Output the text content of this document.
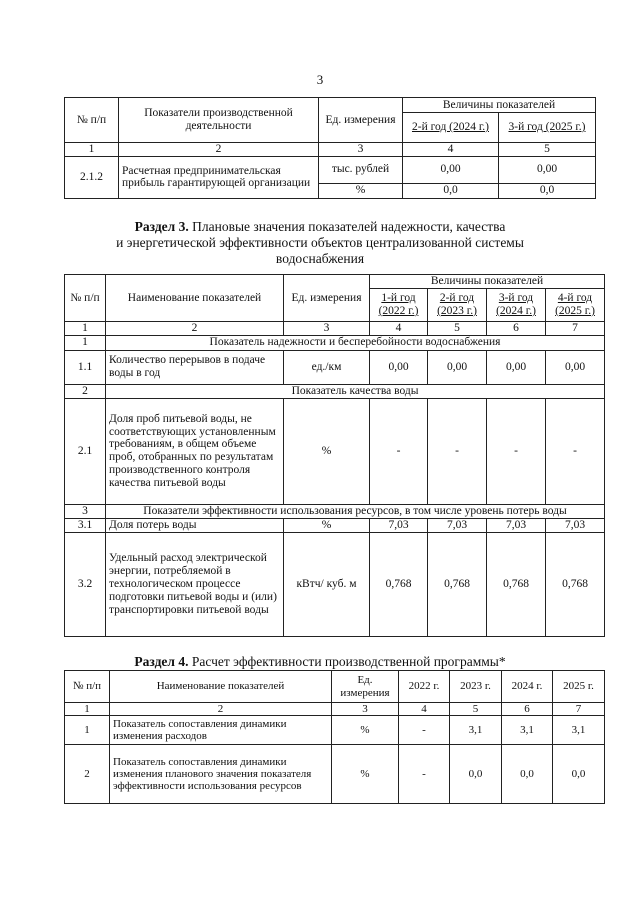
3
№ п/п	Показатели производственной деятельности	Ед. измерения	Величины показателей	
			2-й год (2024 г.)	3-й год (2025 г.)
1	2	3	4	5
2.1.2	Расчетная предпринимательская прибыль гарантирующей организации	тыс. рублей	0,00	0,00
		%	0,0	0,0
Раздел 3. Плановые значения показателей надежности, качества
и энергетической эффективности объектов централизованной системы
водоснабжения
№ п/п	Наименование показателей	Ед. измерения	Величины показателей			
			1-й год (2022 г.)	2-й год (2023 г.)	3-й год (2024 г.)	4-й год (2025 г.)
1	2	3	4	5	6	7
1	Показатель надежности и бесперебойности водоснабжения					
1.1	Количество перерывов в подаче воды в год	ед./км	0,00	0,00	0,00	0,00
2	Показатель качества воды					
2.1	Доля проб питьевой воды, не соответствующих установленным требованиям, в общем объеме проб, отобранных по результатам производственного контроля качества питьевой воды	%	-	-	-	-
3	Показатели эффективности использования ресурсов, в том числе уровень потерь воды					
3.1	Доля потерь воды	%	7,03	7,03	7,03	7,03
3.2	Удельный расход электрической энергии, потребляемой в технологическом процессе подготовки питьевой воды и (или) транспортировки питьевой воды	кВтч/ куб. м	0,768	0,768	0,768	0,768
Раздел 4. Расчет эффективности производственной программы*
№ п/п	Наименование показателей	Ед. измерения	2022 г.	2023 г.	2024 г.	2025 г.
1	2	3	4	5	6	7
1	Показатель сопоставления динамики изменения расходов	%	-	3,1	3,1	3,1
2	Показатель сопоставления динамики изменения планового значения показателя эффективности использования ресурсов	%	-	0,0	0,0	0,0
